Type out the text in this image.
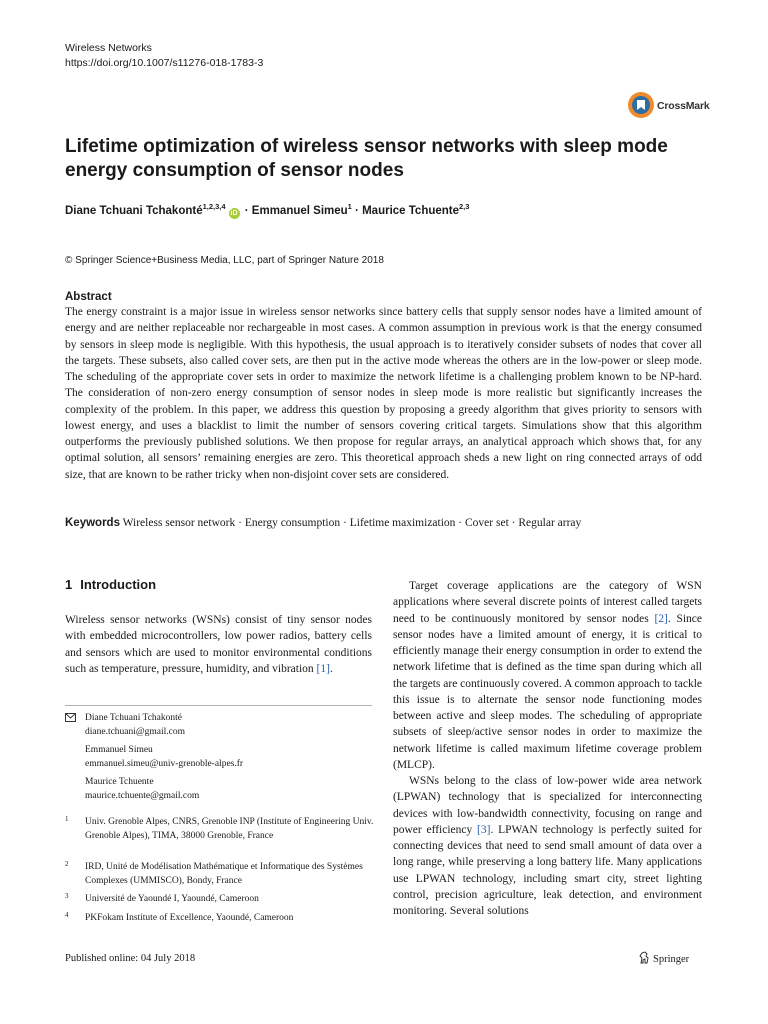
Wireless Networks
https://doi.org/10.1007/s11276-018-1783-3
CrossMark
Lifetime optimization of wireless sensor networks with sleep mode energy consumption of sensor nodes
Diane Tchuani Tchakonté$^{1,2,3,4}$iD · Emmanuel Simeu$^1$ · Maurice Tchuente$^{2,3}$
© Springer Science+Business Media, LLC, part of Springer Nature 2018
Abstract
The energy constraint is a major issue in wireless sensor networks since battery cells that supply sensor nodes have a limited amount of energy and are neither replaceable nor rechargeable in most cases. A common assumption in previous work is that the energy consumed by sensors in sleep mode is negligible. With this hypothesis, the usual approach is to iteratively consider subsets of nodes that cover all the targets. These subsets, also called cover sets, are then put in the active mode whereas the others are in the low-power or sleep mode. The scheduling of the appropriate cover sets in order to maximize the network lifetime is a challenging problem known to be NP-hard. The consideration of non-zero energy consumption of sensor nodes in sleep mode is more realistic but significantly increases the complexity of the problem. In this paper, we address this question by proposing a greedy algorithm that gives priority to sensors with lowest energy, and uses a blacklist to limit the number of sensors covering critical targets. Simulations show that this algorithm outperforms the previously published solutions. We then propose for regular arrays, an analytical approach which shows that, for any optimal solution, all sensors’ remaining energies are zero. This theoretical approach sheds a new light on ring connected arrays of odd size, that are known to be rather tricky when non-disjoint cover sets are considered.
Keywords Wireless sensor network · Energy consumption · Lifetime maximization · Cover set · Regular array
1 Introduction
Wireless sensor networks (WSNs) consist of tiny sensor nodes with embedded microcontrollers, low power radios, battery cells and sensors which are used to monitor environmental conditions such as temperature, pressure, humidity, and vibration [1].
Diane Tchuani Tchakonté
diane.tchuani@gmail.com
Emmanuel Simeu
emmanuel.simeu@univ-grenoble-alpes.fr
Maurice Tchuente
maurice.tchuente@gmail.com
1 Univ. Grenoble Alpes, CNRS, Grenoble INP (Institute of Engineering Univ. Grenoble Alpes), TIMA, 38000 Grenoble, France
2 IRD, Unité de Modélisation Mathématique et Informatique des Systèmes Complexes (UMMISCO), Bondy, France
3 Université de Yaoundé I, Yaoundé, Cameroon
4 PKFokam Institute of Excellence, Yaoundé, Cameroon

Target coverage applications are the category of WSN applications where several discrete points of interest called targets need to be continuously monitored by sensor nodes [2]. Since sensor nodes have a limited amount of energy, it is critical to efficiently manage their energy consumption in order to extend the network lifetime that is defined as the time span during which all the targets are continuously covered. A common approach to tackle this issue is to alternate the sensor node functioning modes between active and sleep modes. The scheduling of appropriate subsets of sleep/active sensor nodes in order to maximize the network lifetime is called maximum lifetime coverage problem (MLCP).

WSNs belong to the class of low-power wide area network (LPWAN) technology that is specialized for interconnecting devices with low-bandwidth connectivity, focusing on range and power efficiency [3]. LPWAN technology is perfectly suited for connecting devices that need to send small amount of data over a long range, while preserving a long battery life. Many applications use LPWAN technology, including smart city, street lighting control, precision agriculture, leak detection, and environment monitoring. Several solutions

Published online: 04 July 2018	Springer
